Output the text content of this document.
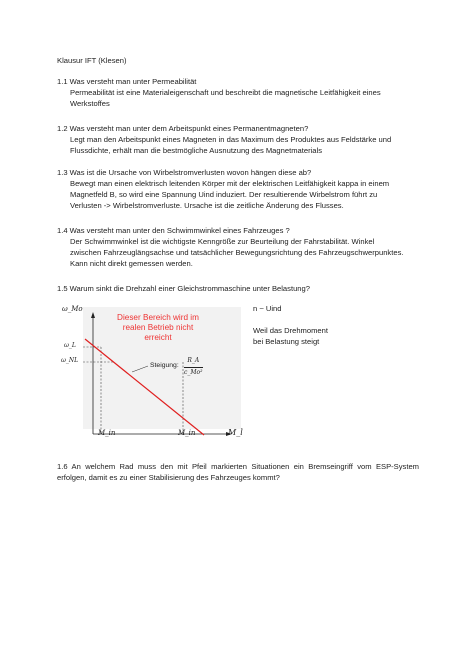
Klausur IFT (Klesen)
1.1 Was versteht man unter Permeabilität
Permeabilität ist eine Materialeigenschaft und beschreibt die magnetische Leitfähigkeit eines
Werkstoffes
1.2 Was versteht man unter dem Arbeitspunkt eines Permanentmagneten?
Legt man den Arbeitspunkt eines Magneten in das Maximum des Produktes aus Feldstärke und
Flussdichte, erhält man die bestmögliche Ausnutzung des Magnetmaterials
1.3 Was ist die Ursache von Wirbelstromverlusten wovon hängen diese ab?
Bewegt man einen elektrisch leitenden Körper mit der elektrischen Leitfähigkeit kappa in einem
Magnetfeld B, so wird eine Spannung Uind induziert. Der resultierende Wirbelstrom führt zu
Verlusten -> Wirbelstromverluste. Ursache ist die zeitliche Änderung des Flusses.
1.4 Was versteht man unter den Schwimmwinkel eines Fahrzeuges ?
Der Schwimmwinkel ist die wichtigste Kenngröße zur Beurteilung der Fahrstabilität. Winkel
zwischen Fahrzeuglängsachse und tatsächlicher Bewegungsrichtung des Fahrzeugschwerpunktes.
Kann nicht direkt gemessen werden.
1.5 Warum sinkt die Drehzahl einer Gleichstrommaschine unter Belastung?
ω_Mo
ω_L
ω_NL
M_in	M_in	M_l
Dieser Bereich wird im realen Betrieb nicht erreicht
Steigung: $\frac{R\_A}{\text{c\_Mo²}}$
n ~ Uind
Weil das Drehmoment
bei Belastung steigt
1.6 An welchem Rad muss den mit Pfeil markierten Situationen ein Bremseingriff vom ESP-System
erfolgen, damit es zu einer Stabilisierung des Fahrzeuges kommt?
